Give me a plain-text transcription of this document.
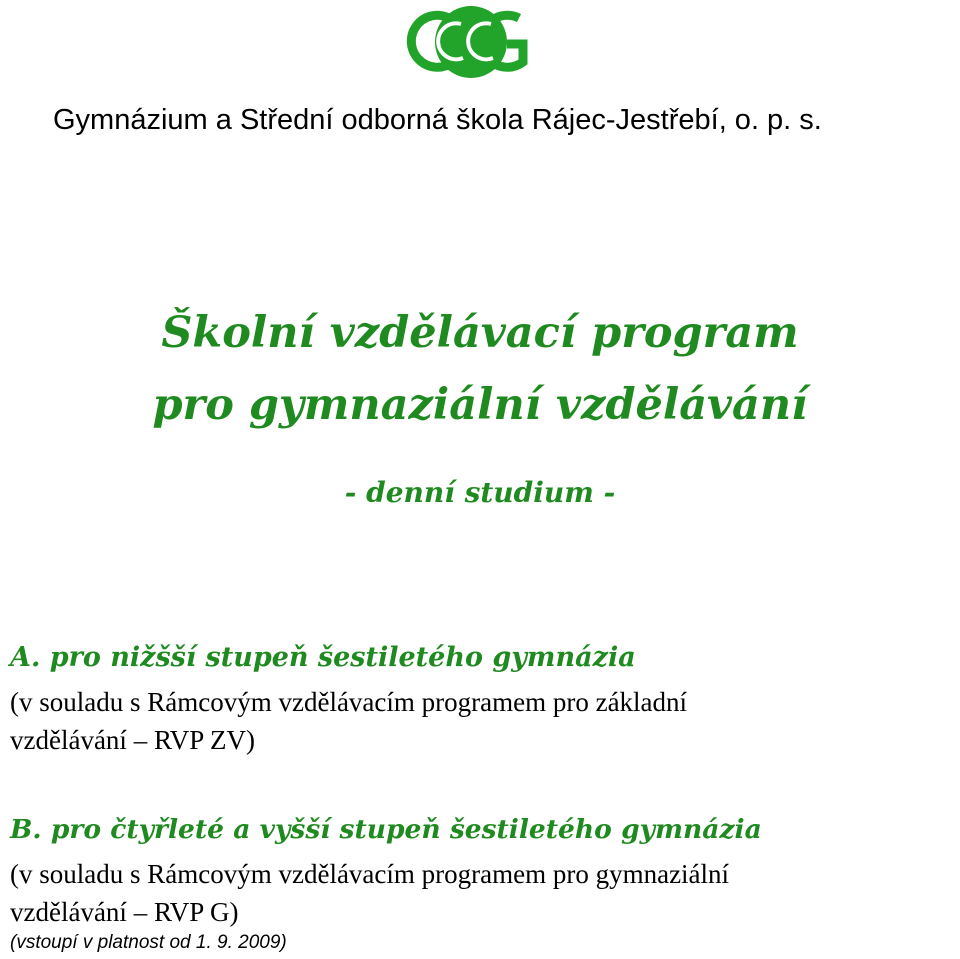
Gymnázium a Střední odborná škola Rájec-Jestřebí, o. p. s.
Školní vzdělávací program
pro gymnaziální vzdělávání
- denní studium -
A. pro nižšší stupeň šestiletého gymnázia
(v souladu s Rámcovým vzdělávacím programem pro základní
vzdělávání – RVP ZV)
B. pro čtyřleté a vyšší stupeň šestiletého gymnázia
(v souladu s Rámcovým vzdělávacím programem pro gymnaziální
vzdělávání – RVP G)
(vstoupí v platnost od 1. 9. 2009)
